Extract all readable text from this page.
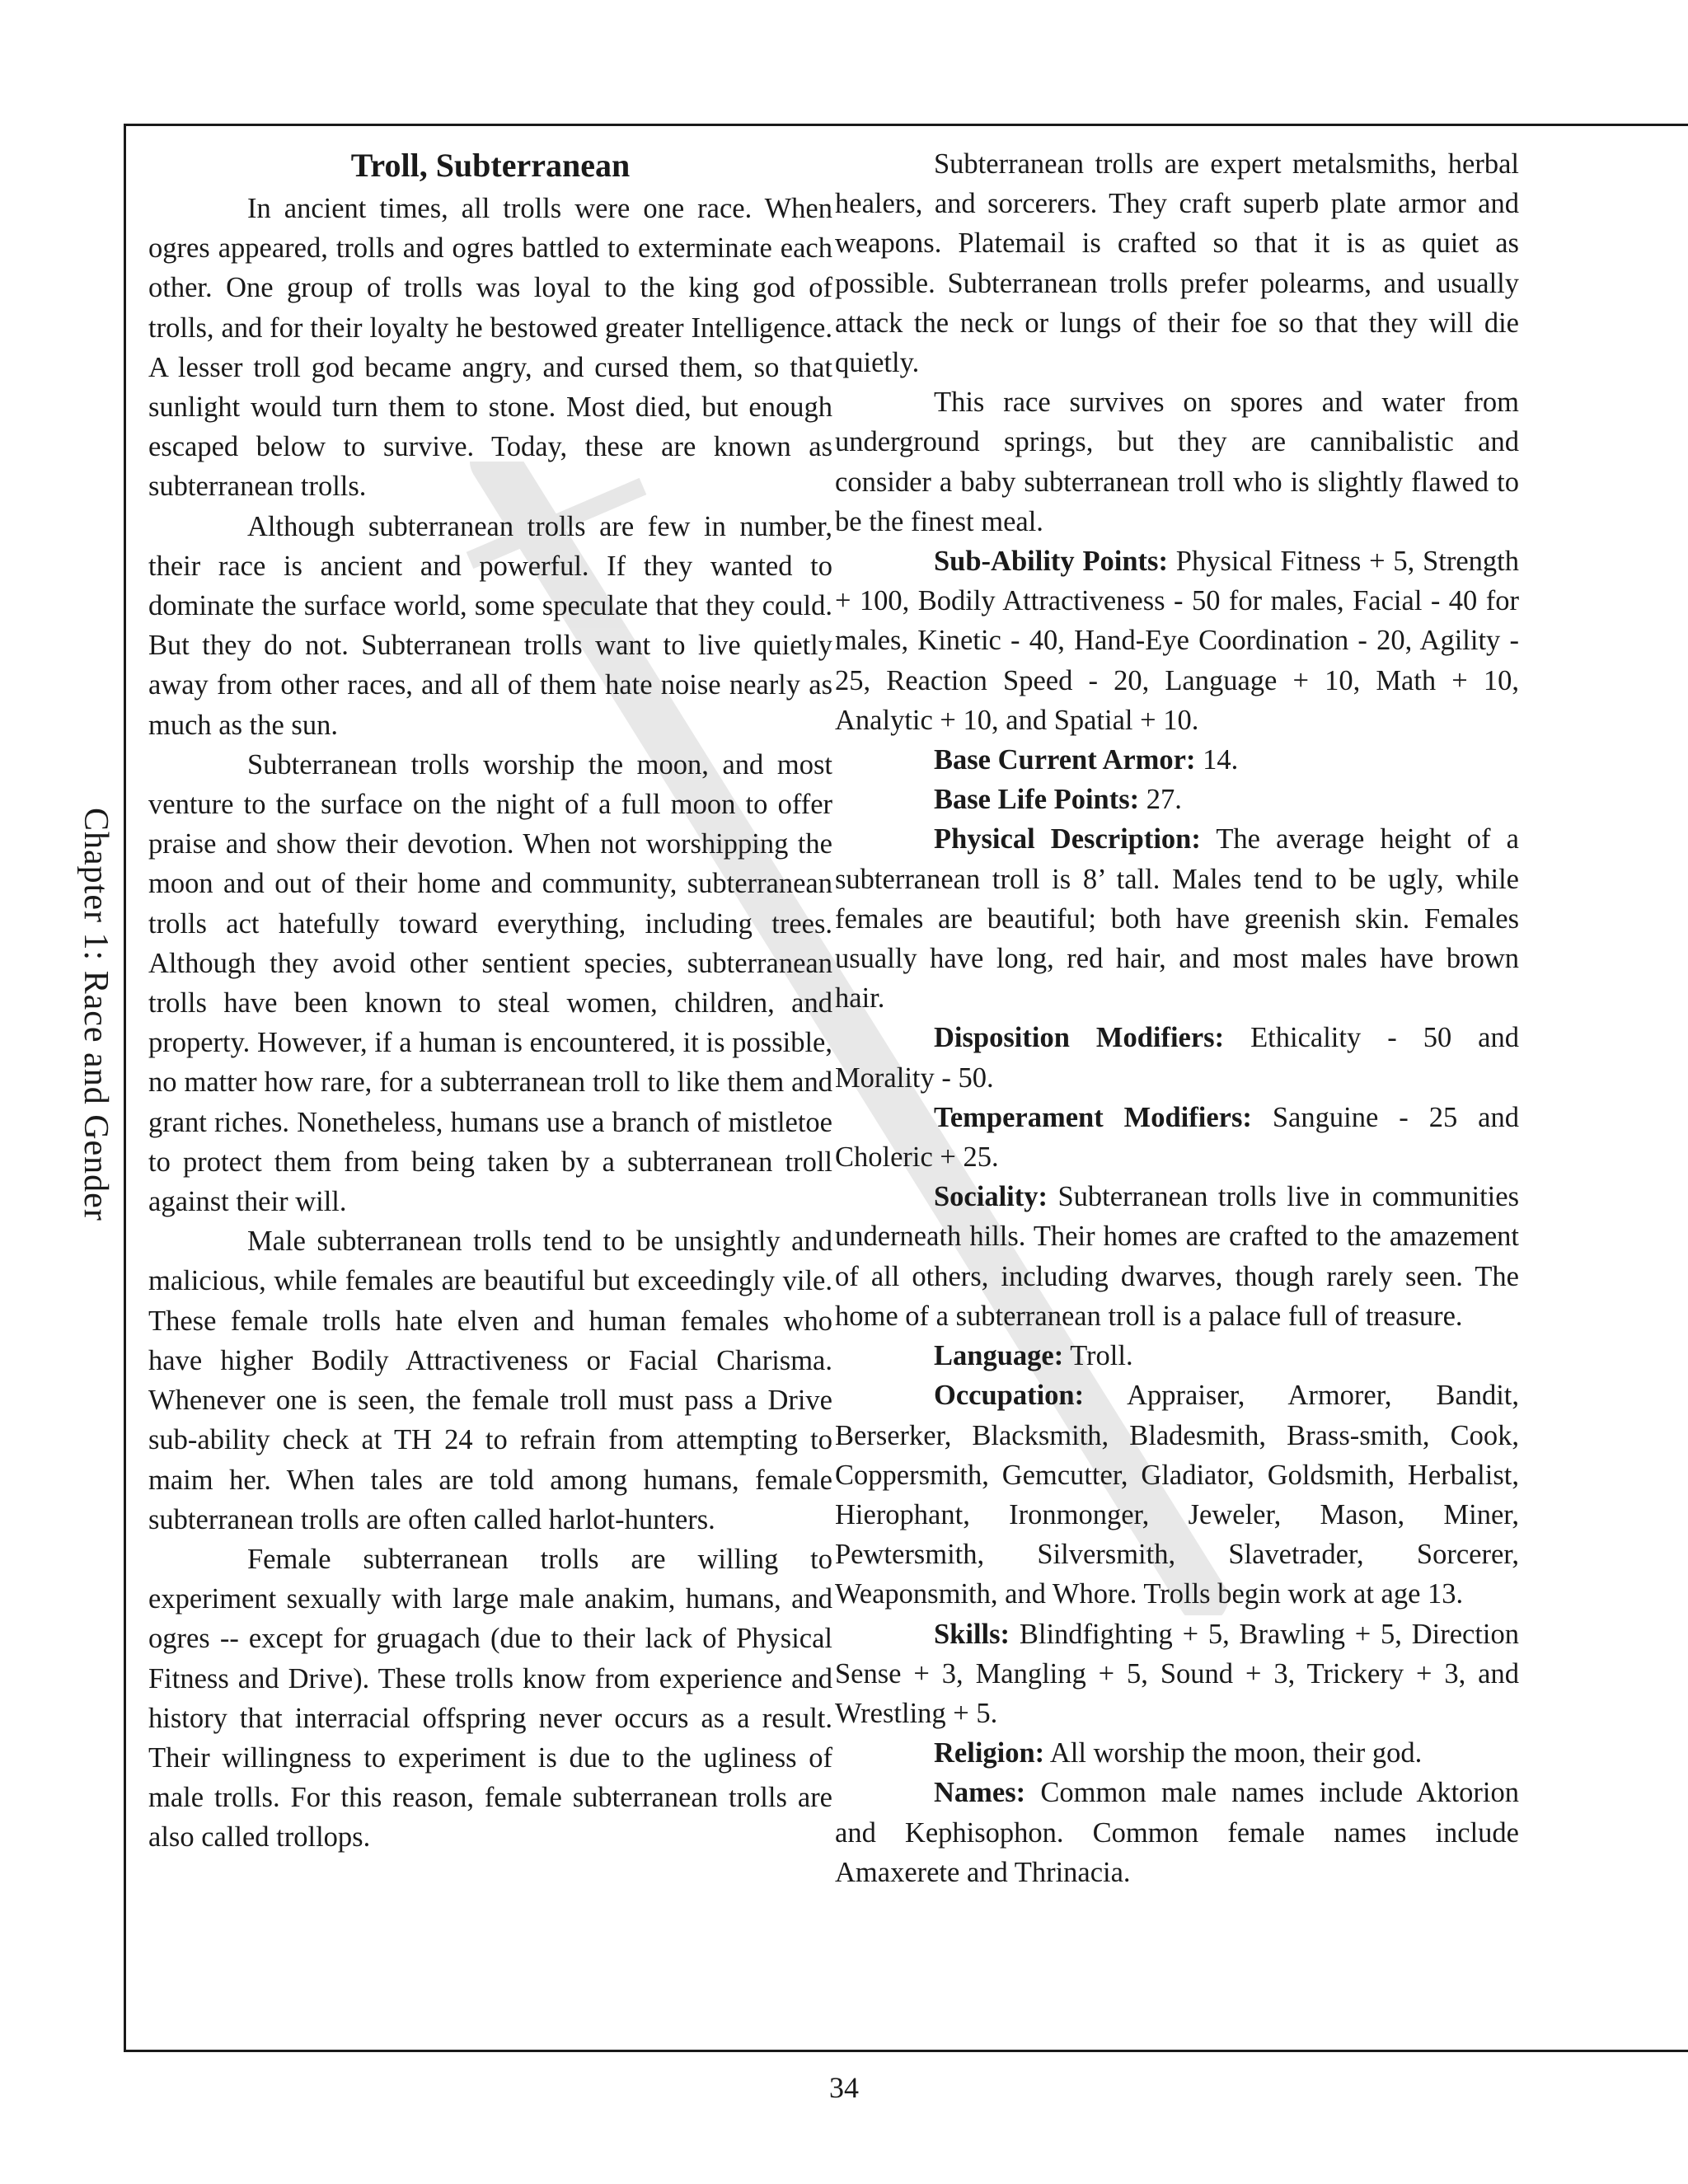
Chapter 1: Race and Gender
Troll, Subterranean

In ancient times, all trolls were one race. When ogres appeared, trolls and ogres battled to exterminate each other. One group of trolls was loyal to the king god of trolls, and for their loyalty he bestowed greater Intelligence. A lesser troll god became angry, and cursed them, so that sunlight would turn them to stone. Most died, but enough escaped below to survive. Today, these are known as subterranean trolls.

Although subterranean trolls are few in number, their race is ancient and powerful. If they wanted to dominate the surface world, some speculate that they could. But they do not. Subterranean trolls want to live quietly away from other races, and all of them hate noise nearly as much as the sun.

Subterranean trolls worship the moon, and most venture to the surface on the night of a full moon to offer praise and show their devotion. When not worshipping the moon and out of their home and community, subterranean trolls act hatefully toward everything, including trees. Although they avoid other sentient species, subterranean trolls have been known to steal women, children, and property. However, if a human is encountered, it is possible, no matter how rare, for a subterranean troll to like them and grant riches. Nonetheless, humans use a branch of mistletoe to protect them from being taken by a subterranean troll against their will.

Male subterranean trolls tend to be unsightly and malicious, while females are beautiful but exceedingly vile. These female trolls hate elven and human females who have higher Bodily Attractiveness or Facial Charisma. Whenever one is seen, the female troll must pass a Drive sub-ability check at TH 24 to refrain from attempting to maim her. When tales are told among humans, female subterranean trolls are often called harlot-hunters.

Female subterranean trolls are willing to experiment sexually with large male anakim, humans, and ogres -- except for gruagach (due to their lack of Physical Fitness and Drive). These trolls know from experience and history that interracial offspring never occurs as a result. Their willingness to experiment is due to the ugliness of male trolls. For this reason, female subterranean trolls are also called trollops.

Subterranean trolls are expert metalsmiths, herbal healers, and sorcerers. They craft superb plate armor and weapons. Platemail is crafted so that it is as quiet as possible. Subterranean trolls prefer polearms, and usually attack the neck or lungs of their foe so that they will die quietly.

This race survives on spores and water from underground springs, but they are cannibalistic and consider a baby subterranean troll who is slightly flawed to be the finest meal.

Sub-Ability Points: Physical Fitness + 5, Strength + 100, Bodily Attractiveness - 50 for males, Facial - 40 for males, Kinetic - 40, Hand-Eye Coordination - 20, Agility - 25, Reaction Speed - 20, Language + 10, Math + 10, Analytic + 10, and Spatial + 10.

Base Current Armor: 14.

Base Life Points: 27.

Physical Description: The average height of a subterranean troll is 8’ tall. Males tend to be ugly, while females are beautiful; both have greenish skin. Females usually have long, red hair, and most males have brown hair.

Disposition Modifiers: Ethicality - 50 and Morality - 50.

Temperament Modifiers: Sanguine - 25 and Choleric + 25.

Sociality: Subterranean trolls live in communities underneath hills. Their homes are crafted to the amazement of all others, including dwarves, though rarely seen. The home of a subterranean troll is a palace full of treasure.

Language: Troll.

Occupation: Appraiser, Armorer, Bandit, Berserker, Blacksmith, Bladesmith, Brass-smith, Cook, Coppersmith, Gemcutter, Gladiator, Goldsmith, Herbalist, Hierophant, Ironmonger, Jeweler, Mason, Miner, Pewtersmith, Silversmith, Slavetrader, Sorcerer, Weaponsmith, and Whore. Trolls begin work at age 13.

Skills: Blindfighting + 5, Brawling + 5, Direction Sense + 3, Mangling + 5, Sound + 3, Trickery + 3, and Wrestling + 5.

Religion: All worship the moon, their god.

Names: Common male names include Aktorion and Kephisophon. Common female names include Amaxerete and Thrinacia.

34
